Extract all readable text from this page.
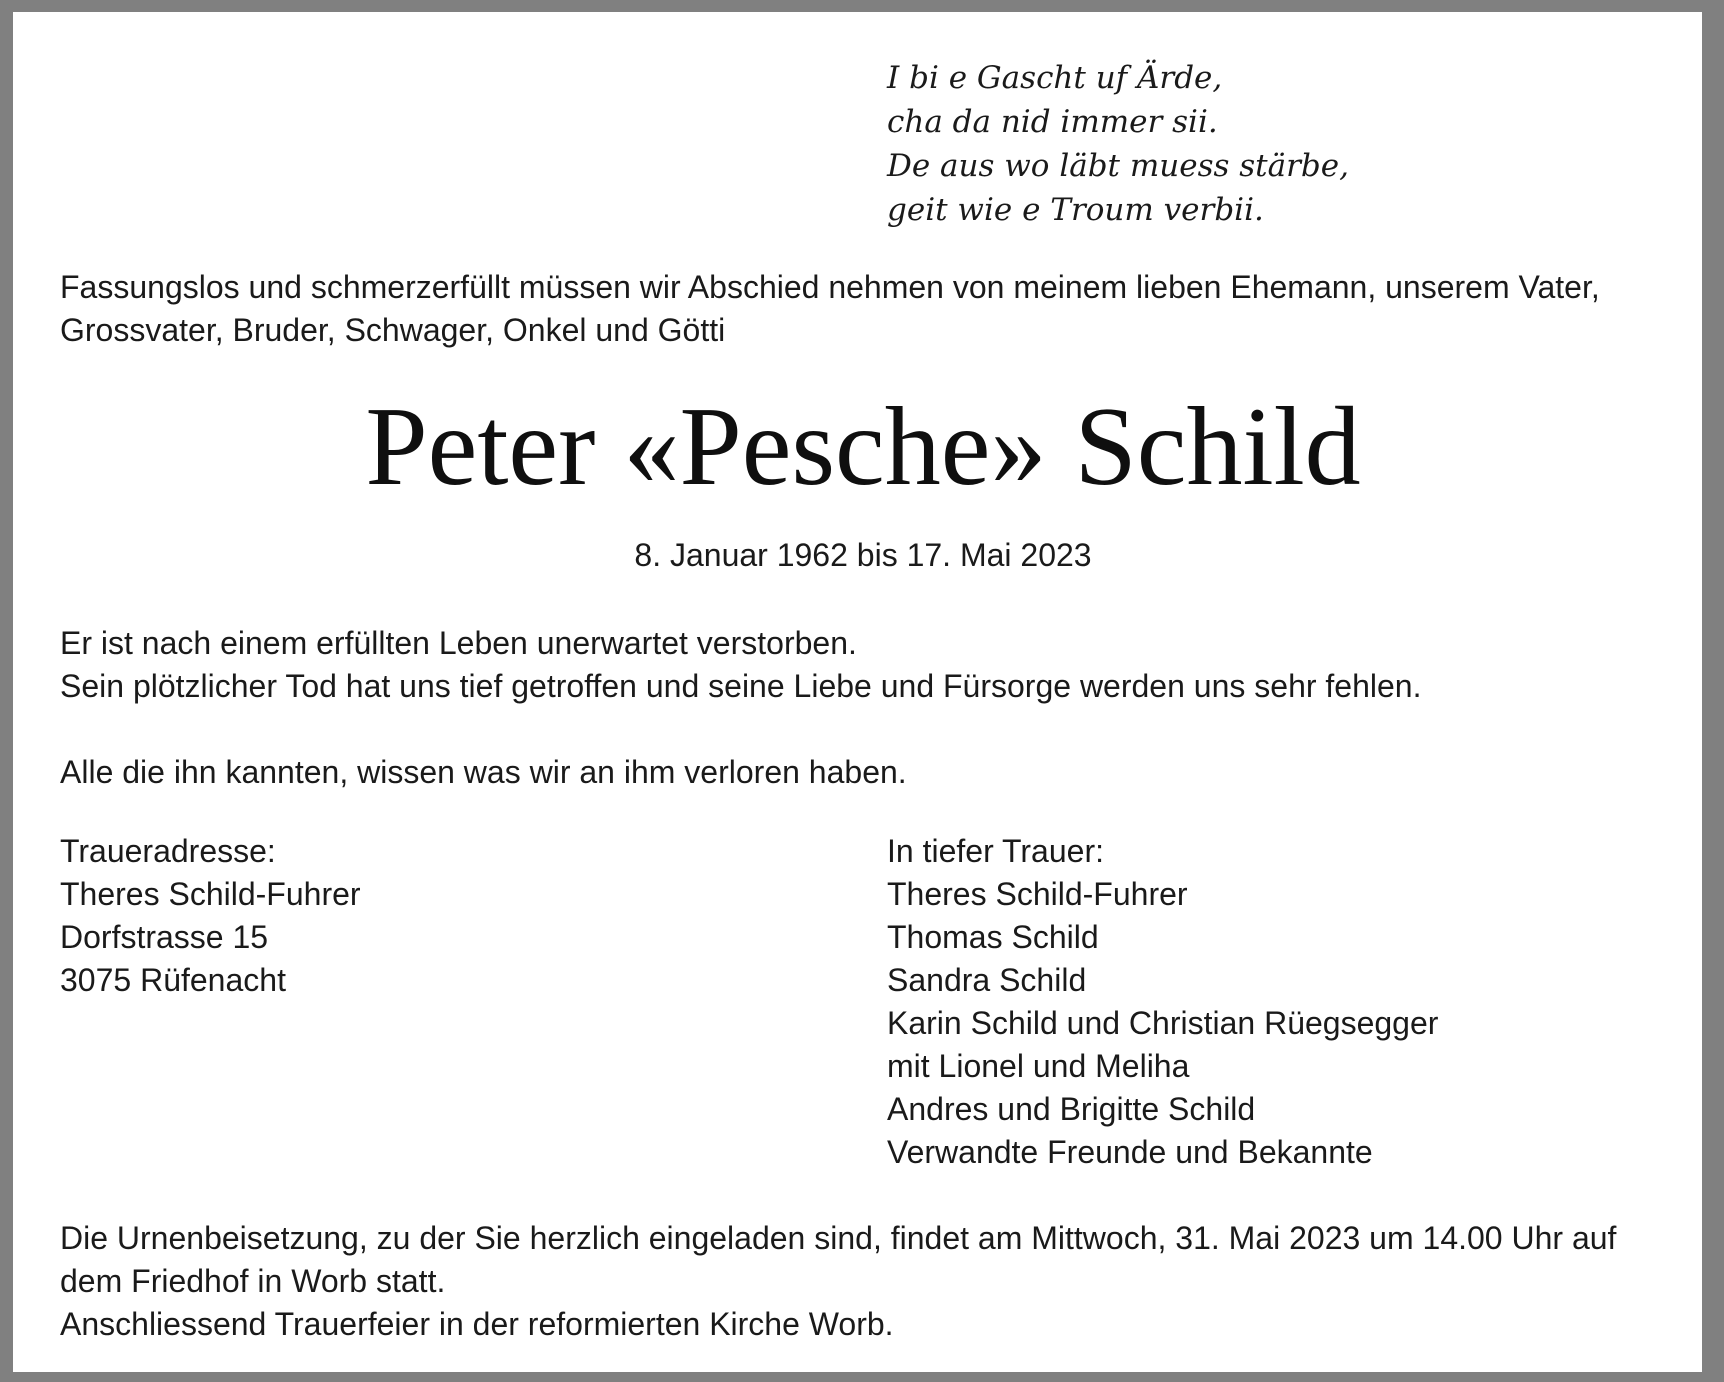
I bi e Gascht uf Ärde,
cha da nid immer sii.
De aus wo läbt muess stärbe,
geit wie e Troum verbii.
Fassungslos und schmerzerfüllt müssen wir Abschied nehmen von meinem lieben Ehemann, unserem Vater,
Grossvater, Bruder, Schwager, Onkel und Götti
Peter «Pesche» Schild
8. Januar 1962 bis 17. Mai 2023
Er ist nach einem erfüllten Leben unerwartet verstorben.
Sein plötzlicher Tod hat uns tief getroffen und seine Liebe und Fürsorge werden uns sehr fehlen.
Alle die ihn kannten, wissen was wir an ihm verloren haben.
Traueradresse:
Theres Schild-Fuhrer
Dorfstrasse 15
3075 Rüfenacht
In tiefer Trauer:
Theres Schild-Fuhrer
Thomas Schild
Sandra Schild
Karin Schild und Christian Rüegsegger
mit Lionel und Meliha
Andres und Brigitte Schild
Verwandte Freunde und Bekannte
Die Urnenbeisetzung, zu der Sie herzlich eingeladen sind, findet am Mittwoch, 31. Mai 2023 um 14.00 Uhr auf
dem Friedhof in Worb statt.
Anschliessend Trauerfeier in der reformierten Kirche Worb.
